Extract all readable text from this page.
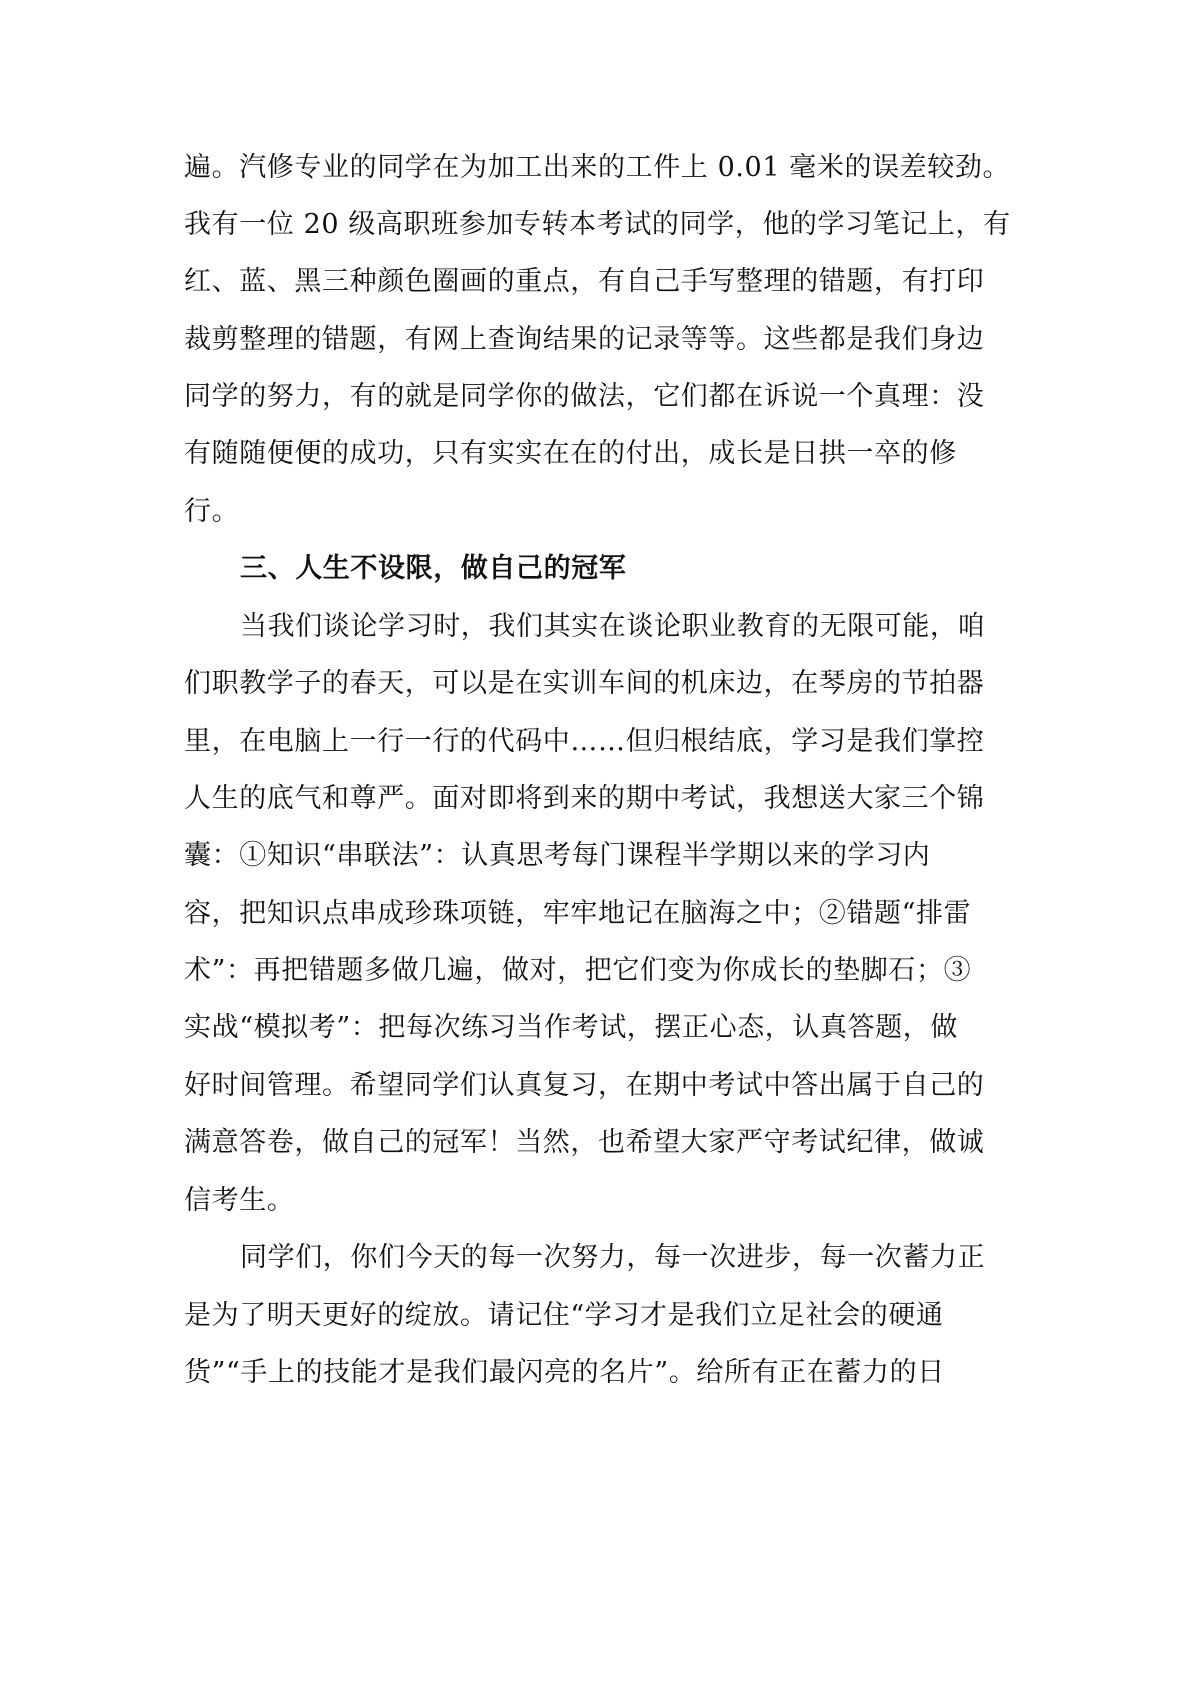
遍。汽修专业的同学在为加工出来的工件上 0.01 毫米的误差较劲。
我有一位 20 级高职班参加专转本考试的同学，他的学习笔记上，有
红、蓝、黑三种颜色圈画的重点，有自己手写整理的错题，有打印
裁剪整理的错题，有网上查询结果的记录等等。这些都是我们身边
同学的努力，有的就是同学你的做法，它们都在诉说一个真理：没
有随随便便的成功，只有实实在在的付出，成长是日拱一卒的修
行。
三、人生不设限，做自己的冠军
当我们谈论学习时，我们其实在谈论职业教育的无限可能，咱
们职教学子的春天，可以是在实训车间的机床边，在琴房的节拍器
里，在电脑上一行一行的代码中……但归根结底，学习是我们掌控
人生的底气和尊严。面对即将到来的期中考试，我想送大家三个锦
囊：①知识“串联法”：认真思考每门课程半学期以来的学习内
容，把知识点串成珍珠项链，牢牢地记在脑海之中；②错题“排雷
术”：再把错题多做几遍，做对，把它们变为你成长的垫脚石；③
实战“模拟考”：把每次练习当作考试，摆正心态，认真答题，做
好时间管理。希望同学们认真复习，在期中考试中答出属于自己的
满意答卷，做自己的冠军！当然，也希望大家严守考试纪律，做诚
信考生。
同学们，你们今天的每一次努力，每一次进步，每一次蓄力正
是为了明天更好的绽放。请记住“学习才是我们立足社会的硬通
货”“手上的技能才是我们最闪亮的名片”。给所有正在蓄力的日
